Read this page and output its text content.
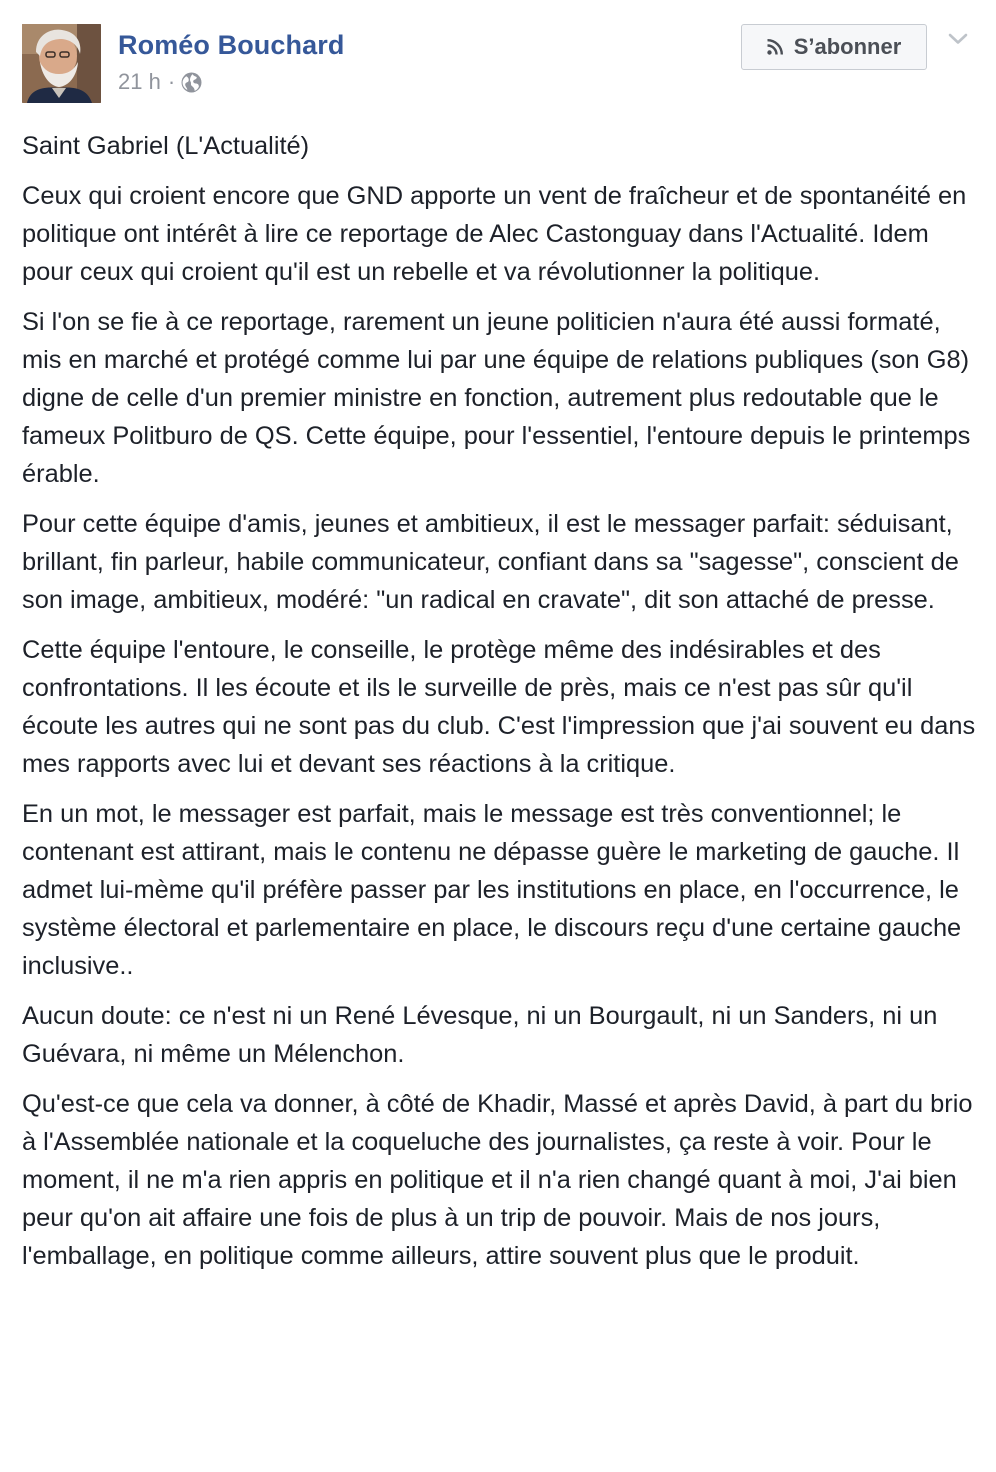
Roméo Bouchard
21 h ·
S’abonner

Saint Gabriel (L'Actualité)

Ceux qui croient encore que GND apporte un vent de fraîcheur et de spontanéité en politique ont intérêt à lire ce reportage de Alec Castonguay dans l'Actualité. Idem pour ceux qui croient qu'il est un rebelle et va révolutionner la politique.

Si l'on se fie à ce reportage, rarement un jeune politicien n'aura été aussi formaté, mis en marché et protégé comme lui par une équipe de relations publiques (son G8) digne de celle d'un premier ministre en fonction, autrement plus redoutable que le fameux Politburo de QS. Cette équipe, pour l'essentiel, l'entoure depuis le printemps érable.

Pour cette équipe d'amis, jeunes et ambitieux, il est le messager parfait: séduisant, brillant, fin parleur, habile communicateur, confiant dans sa "sagesse", conscient de son image, ambitieux, modéré: "un radical en cravate", dit son attaché de presse.

Cette équipe l'entoure, le conseille, le protège même des indésirables et des confrontations. Il les écoute et ils le surveille de près, mais ce n'est pas sûr qu'il écoute les autres qui ne sont pas du club. C'est l'impression que j'ai souvent eu dans mes rapports avec lui et devant ses réactions à la critique.

En un mot, le messager est parfait, mais le message est très conventionnel; le contenant est attirant, mais le contenu ne dépasse guère le marketing de gauche. Il admet lui-mème qu'il préfère passer par les institutions en place, en l'occurrence, le système électoral et parlementaire en place, le discours reçu d'une certaine gauche inclusive..

Aucun doute: ce n'est ni un René Lévesque, ni un Bourgault, ni un Sanders, ni un Guévara, ni même un Mélenchon.

Qu'est-ce que cela va donner, à côté de Khadir, Massé et après David, à part du brio à l'Assemblée nationale et la coqueluche des journalistes, ça reste à voir. Pour le moment, il ne m'a rien appris en politique et il n'a rien changé quant à moi, J'ai bien peur qu'on ait affaire une fois de plus à un trip de pouvoir. Mais de nos jours, l'emballage, en politique comme ailleurs, attire souvent plus que le produit.
